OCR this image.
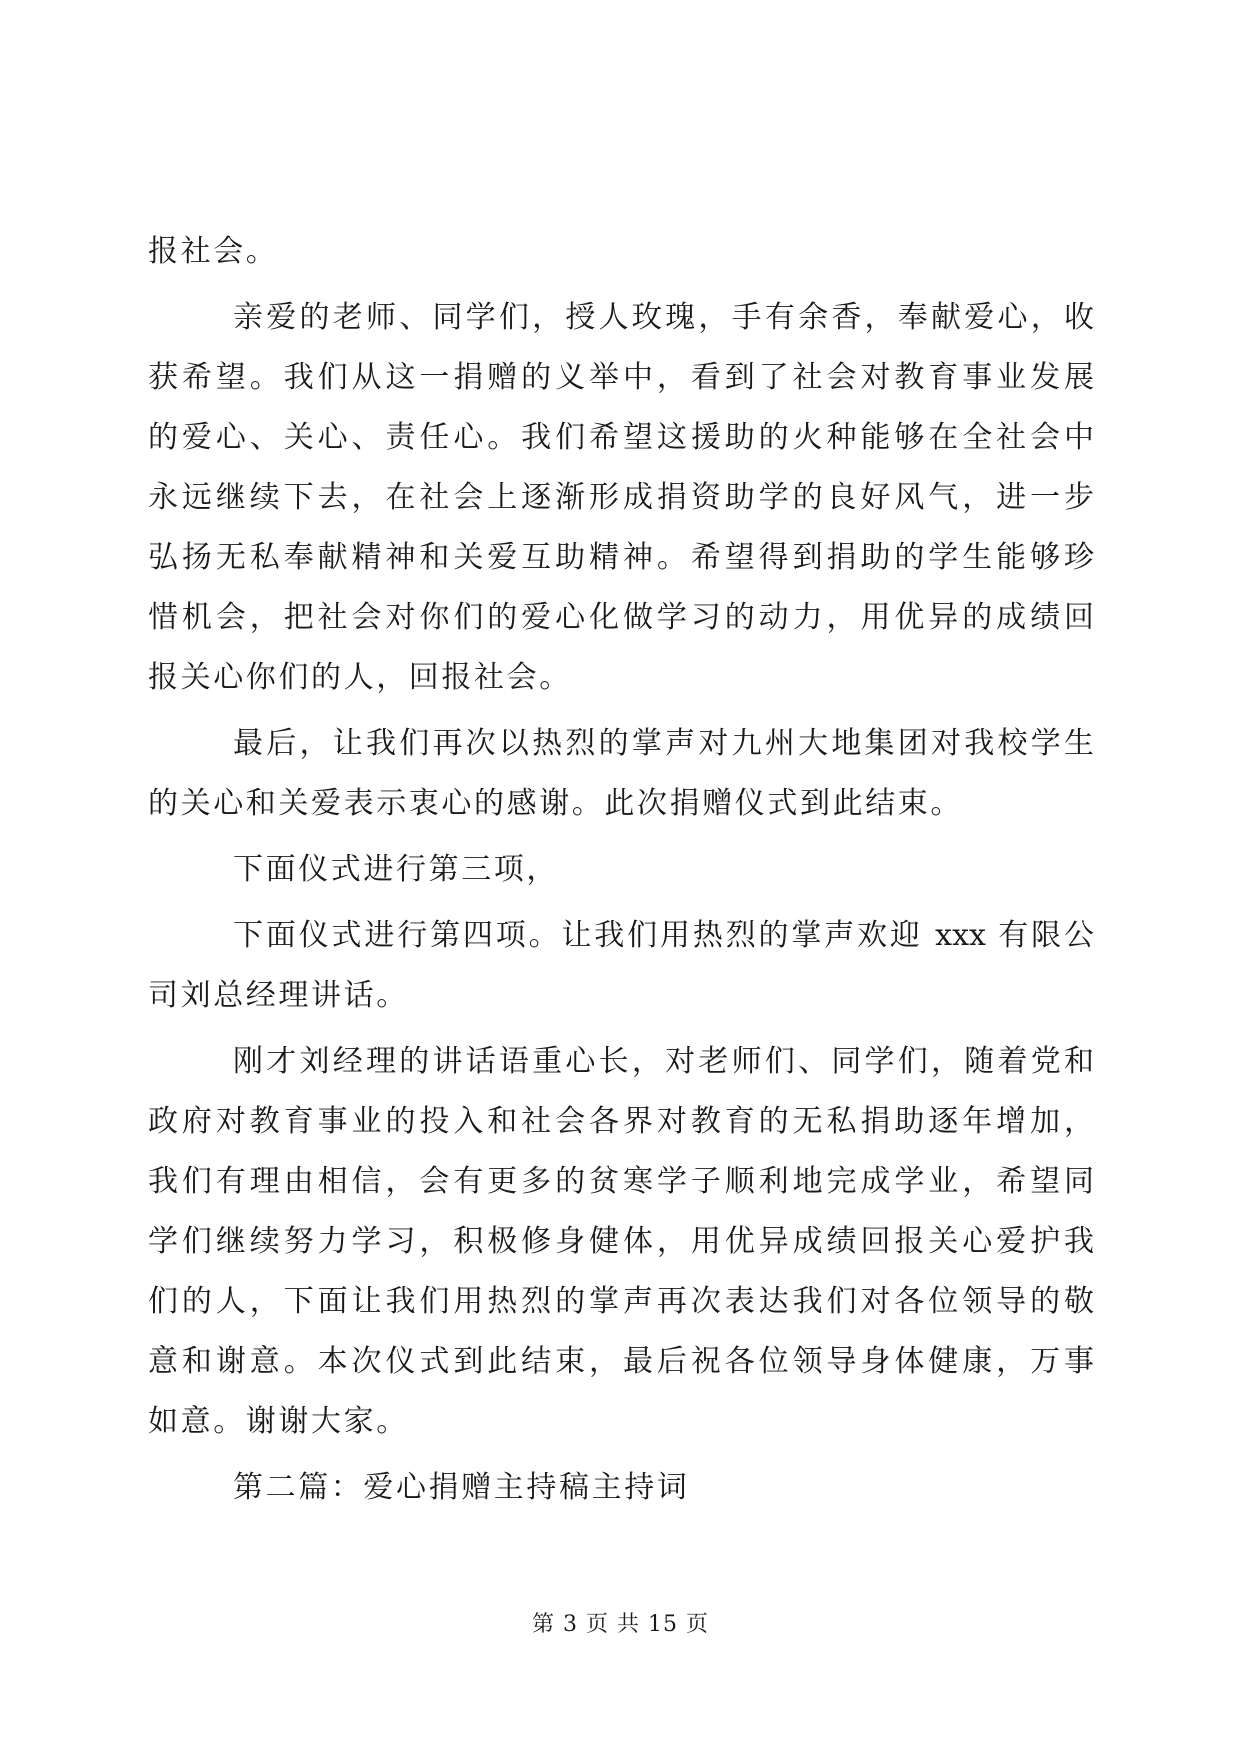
报社会。
亲爱的老师、同学们，授人玫瑰，手有余香，奉献爱心，收
获希望。我们从这一捐赠的义举中，看到了社会对教育事业发展
的爱心、关心、责任心。我们希望这援助的火种能够在全社会中
永远继续下去，在社会上逐渐形成捐资助学的良好风气，进一步
弘扬无私奉献精神和关爱互助精神。希望得到捐助的学生能够珍
惜机会，把社会对你们的爱心化做学习的动力，用优异的成绩回
报关心你们的人，回报社会。
最后，让我们再次以热烈的掌声对九州大地集团对我校学生
的关心和关爱表示衷心的感谢。此次捐赠仪式到此结束。
下面仪式进行第三项，
下面仪式进行第四项。让我们用热烈的掌声欢迎 xxx 有限公
司刘总经理讲话。
刚才刘经理的讲话语重心长，对老师们、同学们，随着党和
政府对教育事业的投入和社会各界对教育的无私捐助逐年增加，
我们有理由相信，会有更多的贫寒学子顺利地完成学业，希望同
学们继续努力学习，积极修身健体，用优异成绩回报关心爱护我
们的人，下面让我们用热烈的掌声再次表达我们对各位领导的敬
意和谢意。本次仪式到此结束，最后祝各位领导身体健康，万事
如意。谢谢大家。
第二篇：爱心捐赠主持稿主持词
第 3 页 共 15 页
